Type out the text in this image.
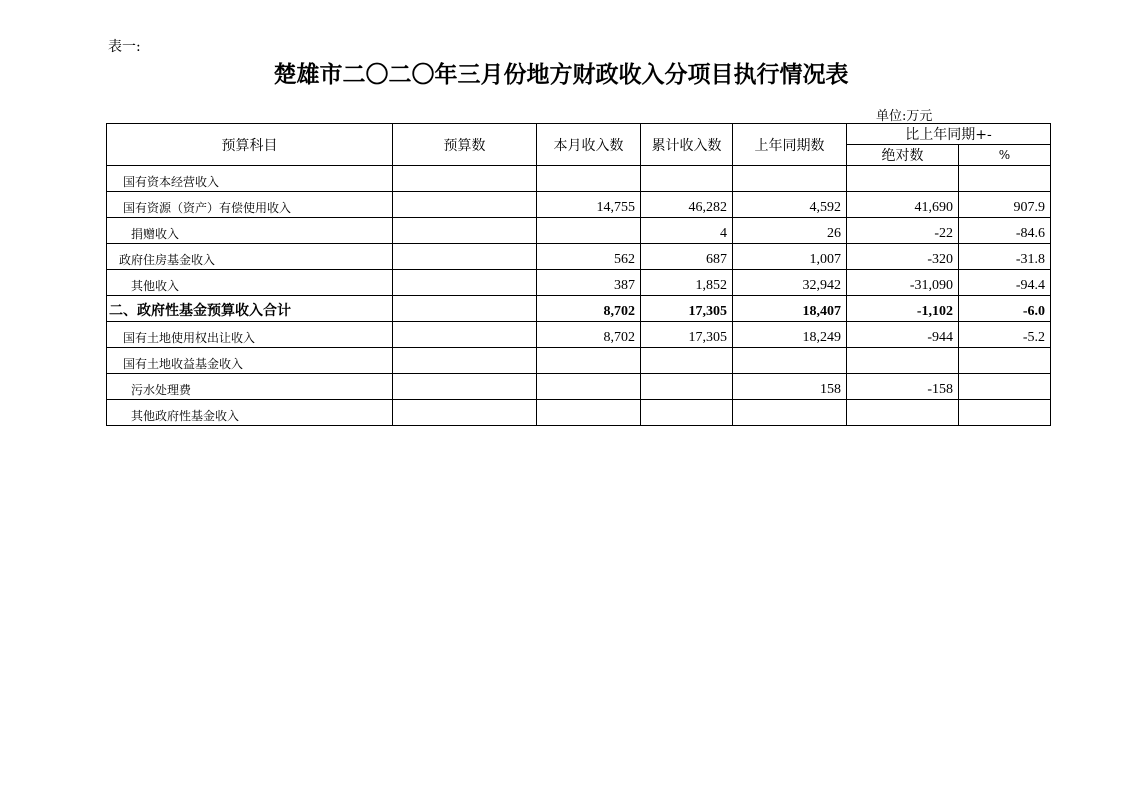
表一:
楚雄市二〇二〇年三月份地方财政收入分项目执行情况表
单位:万元
预算科目	预算数	本月收入数	累计收入数	上年同期数	比上年同期+-	
					绝对数	%
国有资本经营收入						
国有资源（资产）有偿使用收入		14,755	46,282	4,592	41,690	907.9
捐赠收入			4	26	-22	-84.6
政府住房基金收入		562	687	1,007	-320	-31.8
其他收入		387	1,852	32,942	-31,090	-94.4
二、政府性基金预算收入合计		8,702	17,305	18,407	-1,102	-6.0
国有土地使用权出让收入		8,702	17,305	18,249	-944	-5.2
国有土地收益基金收入						
污水处理费				158	-158	
其他政府性基金收入						
